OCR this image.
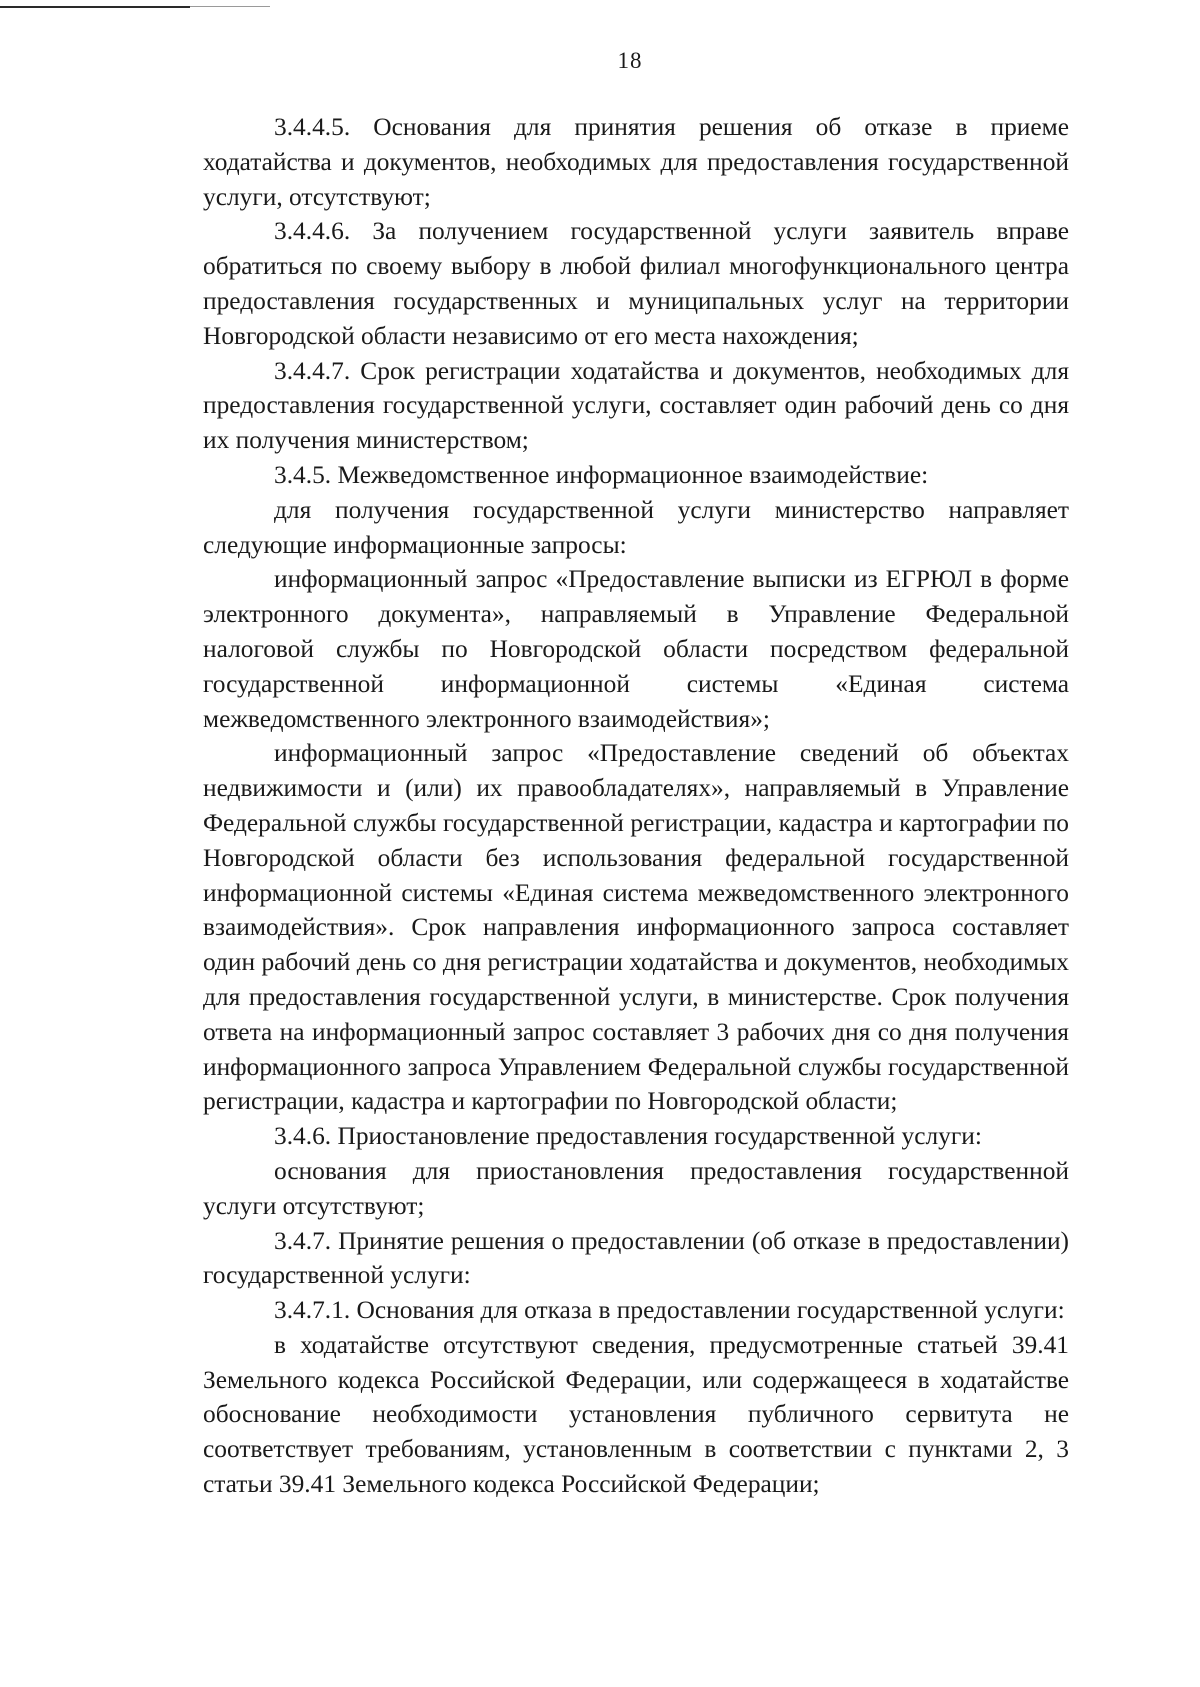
18

3.4.4.5. Основания для принятия решения об отказе в приеме ходатайства и документов, необходимых для предоставления государственной услуги, отсутствуют;

3.4.4.6. За получением государственной услуги заявитель вправе обратиться по своему выбору в любой филиал многофункционального центра предоставления государственных и муниципальных услуг на территории Новгородской области независимо от его места нахождения;

3.4.4.7. Срок регистрации ходатайства и документов, необходимых для предоставления государственной услуги, составляет один рабочий день со дня их получения министерством;

3.4.5. Межведомственное информационное взаимодействие:

для получения государственной услуги министерство направляет следующие информационные запросы:

информационный запрос «Предоставление выписки из ЕГРЮЛ в форме электронного документа», направляемый в Управление Федеральной налоговой службы по Новгородской области посредством федеральной государственной информационной системы «Единая система межведомственного электронного взаимодействия»;

информационный запрос «Предоставление сведений об объектах недвижимости и (или) их правообладателях», направляемый в Управление Федеральной службы государственной регистрации, кадастра и картографии по Новгородской области без использования федеральной государственной информационной системы «Единая система межведомственного электронного взаимодействия». Срок направления информационного запроса составляет один рабочий день со дня регистрации ходатайства и документов, необходимых для предоставления государственной услуги, в министерстве. Срок получения ответа на информационный запрос составляет 3 рабочих дня со дня получения информационного запроса Управлением Федеральной службы государственной регистрации, кадастра и картографии по Новгородской области;

3.4.6. Приостановление предоставления государственной услуги:

основания для приостановления предоставления государственной услуги отсутствуют;

3.4.7. Принятие решения о предоставлении (об отказе в предоставлении) государственной услуги:

3.4.7.1. Основания для отказа в предоставлении государственной услуги:

в ходатайстве отсутствуют сведения, предусмотренные статьей 39.41 Земельного кодекса Российской Федерации, или содержащееся в ходатайстве обоснование необходимости установления публичного сервитута не соответствует требованиям, установленным в соответствии с пунктами 2, 3 статьи 39.41 Земельного кодекса Российской Федерации;
